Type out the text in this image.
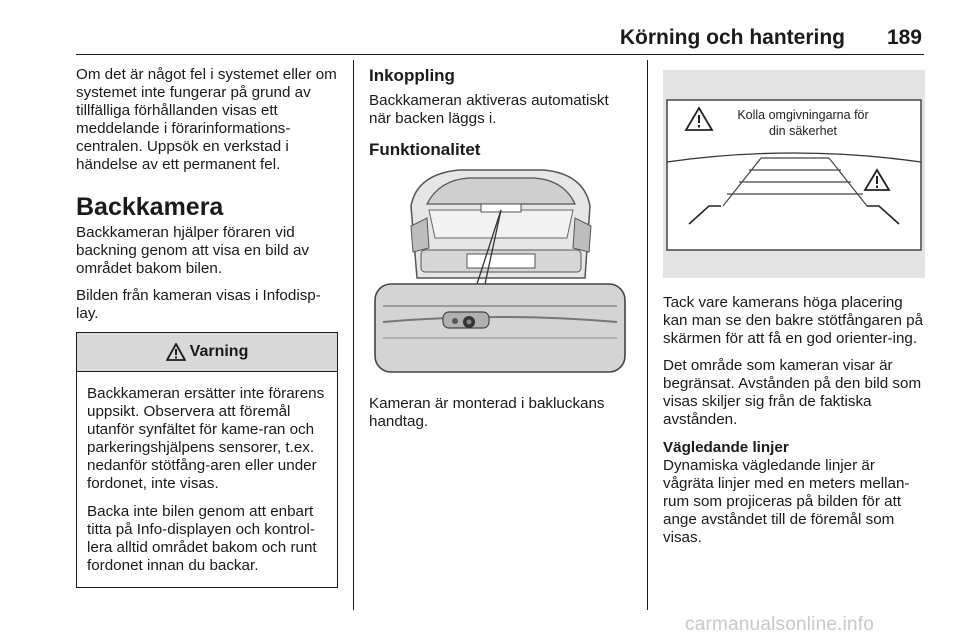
Körning och hantering	189

Om det är något fel i systemet eller om systemet inte fungerar på grund av tillfälliga förhållanden visas ett meddelande i förarinformations-centralen. Uppsök en verkstad i händelse av ett permanent fel.

Backkamera

Backkameran hjälper föraren vid backning genom att visa en bild av området bakom bilen.

Bilden från kameran visas i Infodisp-lay.

Varning

Backkameran ersätter inte förarens uppsikt. Observera att föremål utanför synfältet för kame-ran och parkeringshjälpens sensorer, t.ex. nedanför stötfång-aren eller under fordonet, inte visas.

Backa inte bilen genom att enbart titta på Info-displayen och kontrol-lera alltid området bakom och runt fordonet innan du backar.

Inkoppling

Backkameran aktiveras automatiskt när backen läggs i.

Funktionalitet

Kameran är monterad i bakluckans handtag.

Kolla omgivningarna för
din säkerhet

Tack vare kamerans höga placering kan man se den bakre stötfångaren på skärmen för att få en god orienter-ing.

Det område som kameran visar är begränsat. Avstånden på den bild som visas skiljer sig från de faktiska avstånden.

Vägledande linjer

Dynamiska vägledande linjer är vågräta linjer med en meters mellan-rum som projiceras på bilden för att ange avståndet till de föremål som visas.

carmanualsonline.info
